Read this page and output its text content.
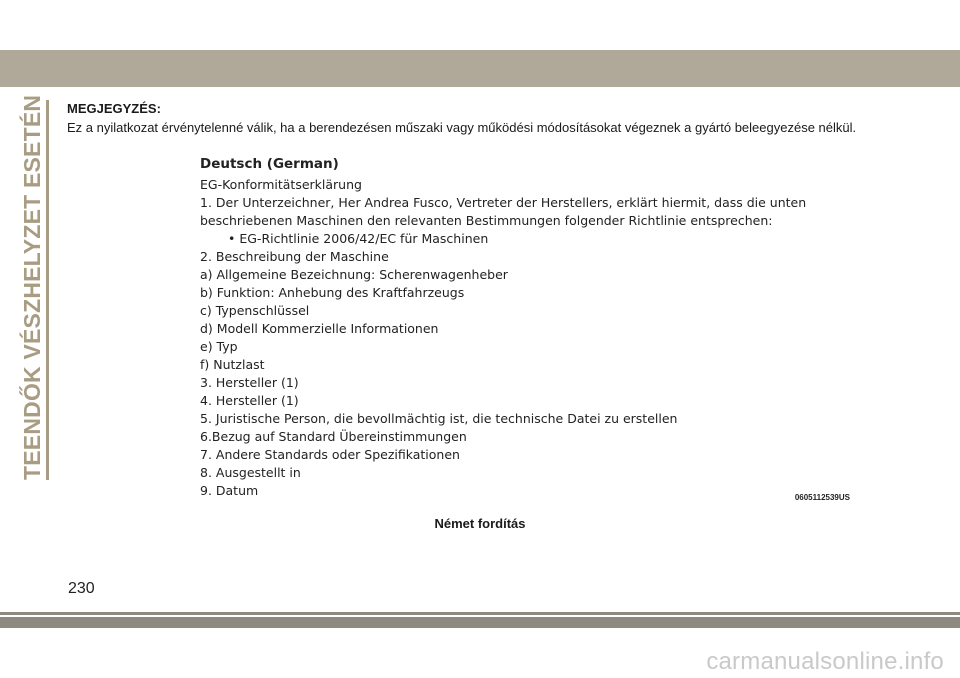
TEENDŐK VÉSZHELYZET ESETÉN	MEGJEGYZÉS:
Ez a nyilatkozat érvénytelenné válik, ha a berendezésen műszaki vagy működési módosításokat végeznek a gyártó beleegyezése nélkül.
Deutsch (German)
EG-Konformitätserklärung
1. Der Unterzeichner, Her Andrea Fusco, Vertreter der Herstellers, erklärt hiermit, dass die unten
beschriebenen Maschinen den relevanten Bestimmungen folgender Richtlinie entsprechen:
• EG-Richtlinie 2006/42/EC für Maschinen
2. Beschreibung der Maschine
a) Allgemeine Bezeichnung: Scherenwagenheber
b) Funktion: Anhebung des Kraftfahrzeugs
c) Typenschlüssel
d) Modell Kommerzielle Informationen
e) Typ
f) Nutzlast
3. Hersteller (1)
4. Hersteller (1)
5. Juristische Person, die bevollmächtig ist, die technische Datei zu erstellen
6.Bezug auf Standard Übereinstimmungen
7. Andere Standards oder Spezifikationen
8. Ausgestellt in
9. Datum	0605112539US
Német fordítás
230
carmanualsonline.info
